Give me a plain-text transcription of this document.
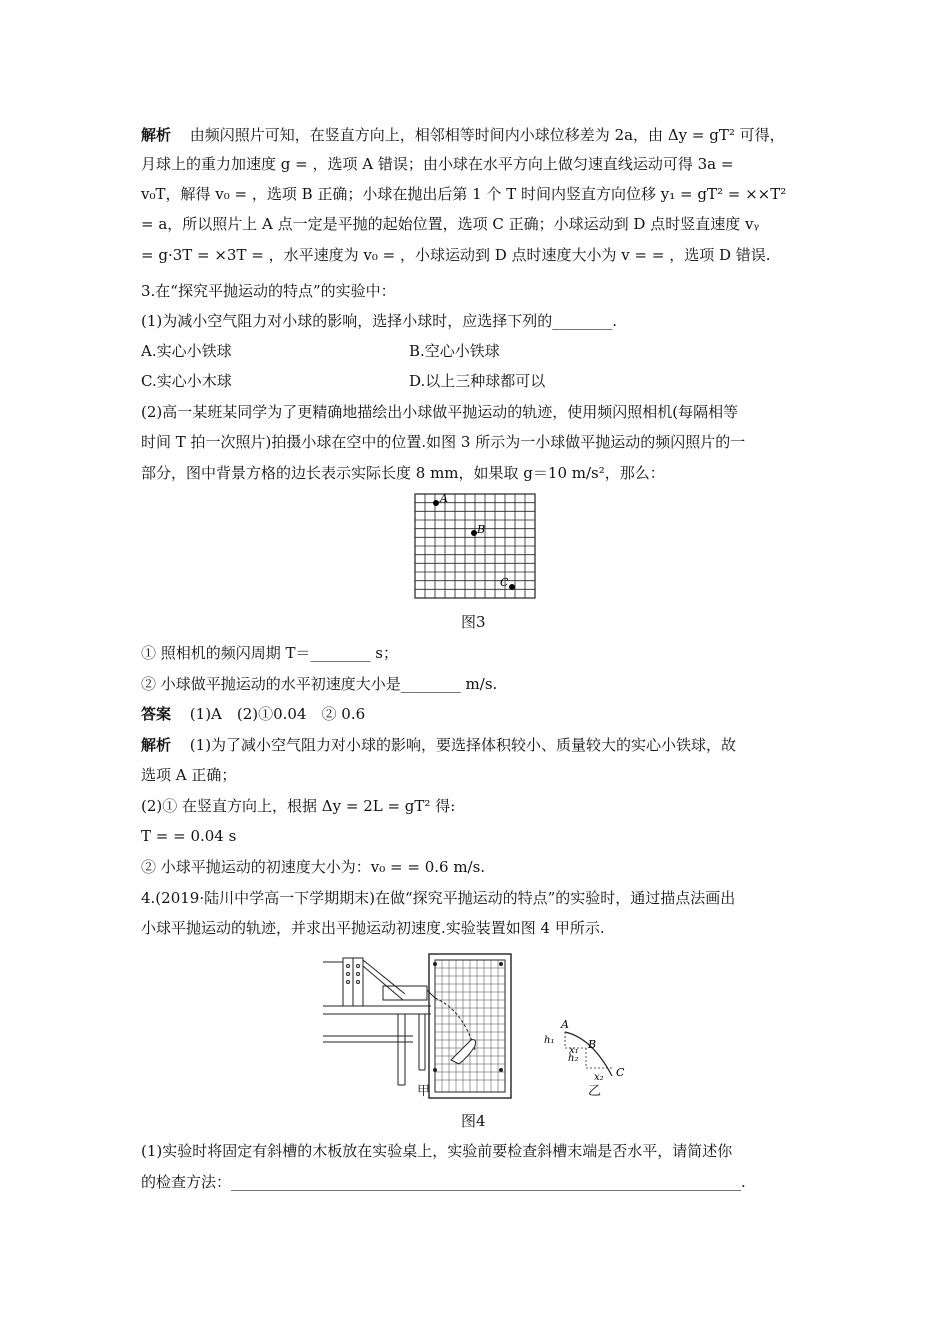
解析 由频闪照片可知，在竖直方向上，相邻相等时间内小球位移差为 2a，由 Δy = gT² 可得，
月球上的重力加速度 g = ，选项 A 错误；由小球在水平方向上做匀速直线运动可得 3a =
v₀T，解得 v₀ = ，选项 B 正确；小球在抛出后第 1 个 T 时间内竖直方向位移 y₁ = gT² = ××T²
= a，所以照片上 A 点一定是平抛的起始位置，选项 C 正确；小球运动到 D 点时竖直速度 vᵧ
= g·3T = ×3T = ，水平速度为 v₀ = ，小球运动到 D 点时速度大小为 v = = ，选项 D 错误.
3.在“探究平抛运动的特点”的实验中：
(1)为减小空气阻力对小球的影响，选择小球时，应选择下列的________.
A.实心小铁球	B.空心小铁球
C.实心小木球	D.以上三种球都可以
(2)高一某班某同学为了更精确地描绘出小球做平抛运动的轨迹，使用频闪照相机(每隔相等
时间 T 拍一次照片)拍摄小球在空中的位置.如图 3 所示为一小球做平抛运动的频闪照片的一
部分，图中背景方格的边长表示实际长度 8 mm，如果取 g＝10 m/s²，那么：
A
B
C
图3
① 照相机的频闪周期 T＝________ s；
② 小球做平抛运动的水平初速度大小是________ m/s.
答案 (1)A　(2)①0.04　② 0.6
解析 (1)为了减小空气阻力对小球的影响，要选择体积较小、质量较大的实心小铁球，故
选项 A 正确；
(2)① 在竖直方向上，根据 Δy = 2L = gT² 得:
T = = 0.04 s
② 小球平抛运动的初速度大小为：v₀ = = 0.6 m/s.
4.(2019·陆川中学高一下学期期末)在做“探究平抛运动的特点”的实验时，通过描点法画出
小球平抛运动的轨迹，并求出平抛运动初速度.实验装置如图 4 甲所示.
甲
A
B
C
h₁
h₂
x₁
x₂
乙
图4
(1)实验时将固定有斜槽的木板放在实验桌上，实验前要检查斜槽末端是否水平，请简述你
的检查方法：____________________________________________________________________.
